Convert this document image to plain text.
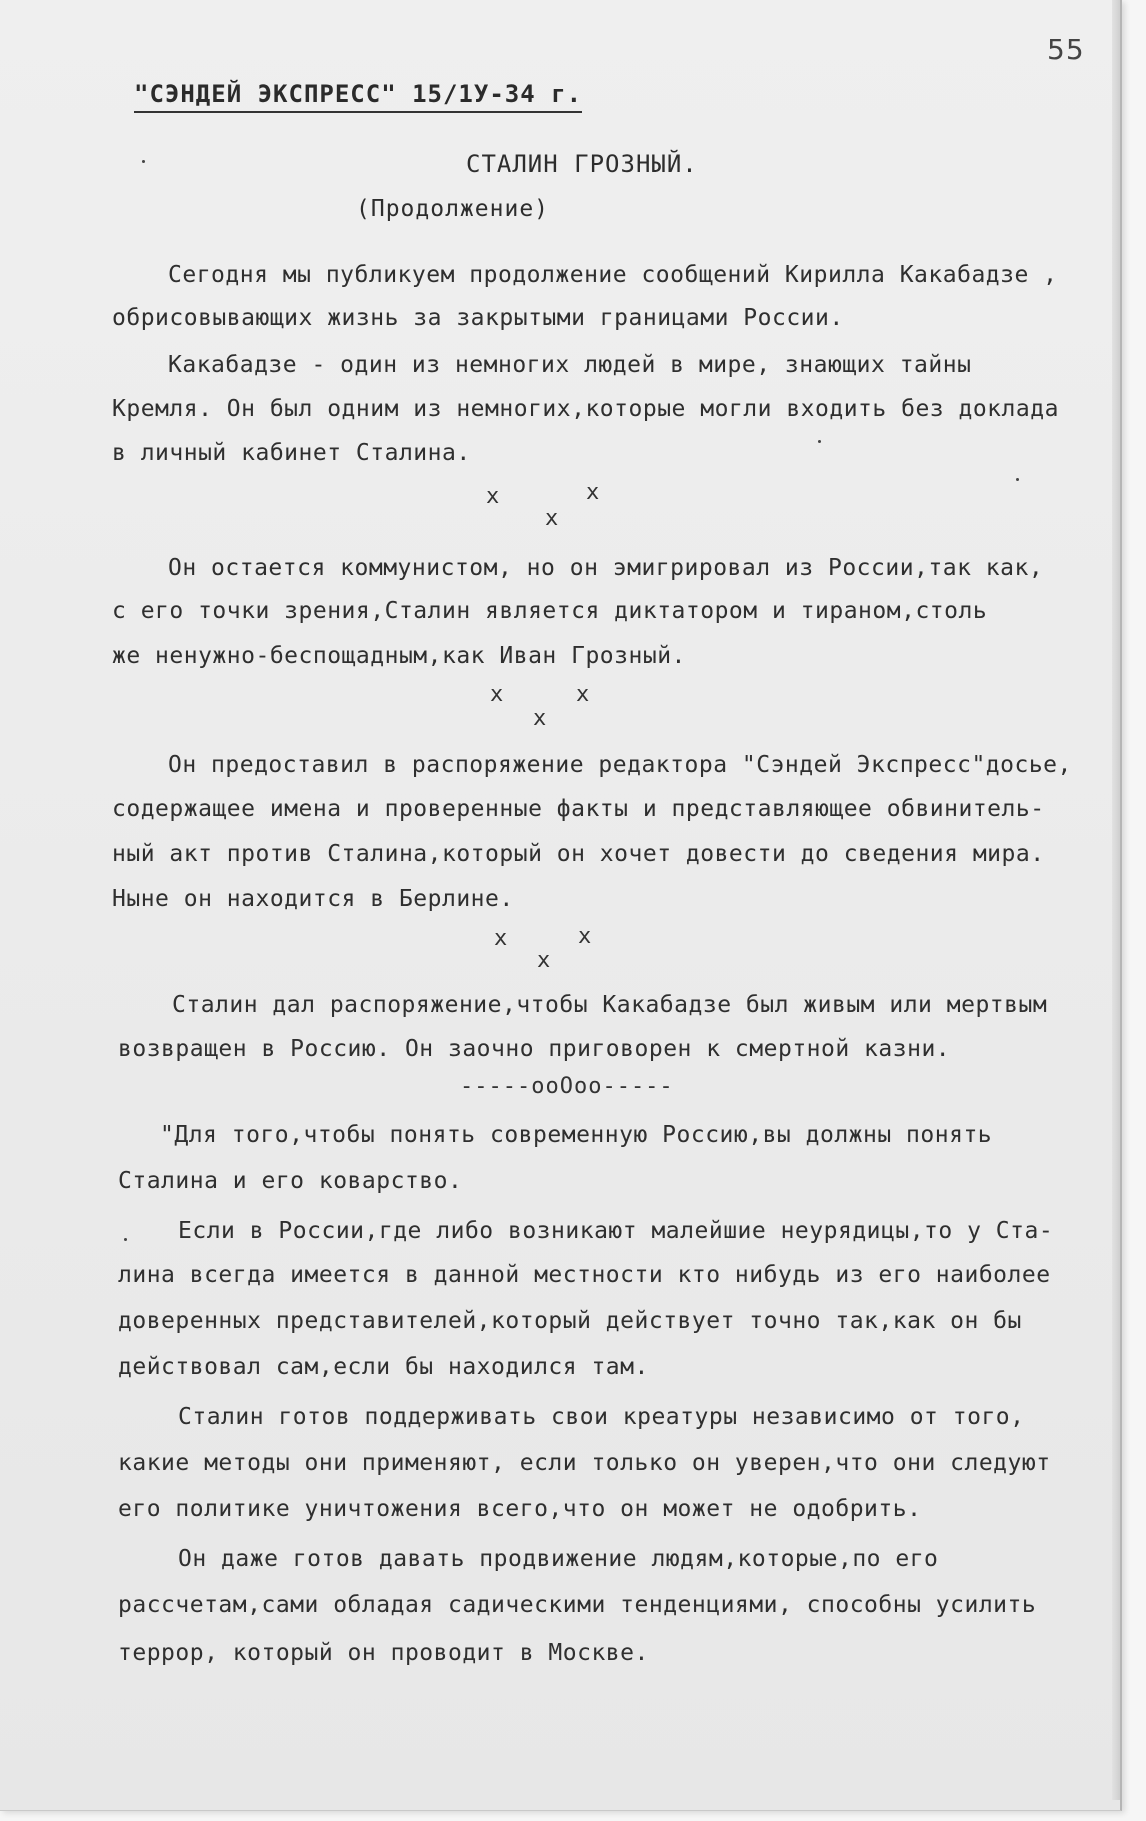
55
"СЭНДЕЙ ЭКСПРЕСС" 15/1У-34 г.
СТАЛИН ГРОЗНЫЙ.
(Продолжение)
Сегодня мы публикуем продолжение сообщений Кирилла Какабадзе ,
обрисовывающих жизнь за закрытыми границами России.
Какабадзе - один из немногих людей в мире, знающих тайны
Кремля. Он был одним из немногих,которые могли входить без доклада
в личный кабинет Сталина.
x	x
x
Он остается коммунистом, но он эмигрировал из России,так как,
с его точки зрения,Сталин является диктатором и тираном,столь
же ненужно-беспощадным,как Иван Грозный.
x	x
x
Он предоставил в распоряжение редактора "Сэндей Экспресс"досье,
содержащее имена и проверенные факты и представляющее обвинитель-
ный акт против Сталина,который он хочет довести до сведения мира.
Ныне он находится в Берлине.
x	x
x
Сталин дал распоряжение,чтобы Какабадзе был живым или мертвым
возвращен в Россию. Он заочно приговорен к смертной казни.
-----ооОоо-----
"Для того,чтобы понять современную Россию,вы должны понять
Сталина и его коварство.
Если в России,где либо возникают малейшие неурядицы,то у Ста-
лина всегда имеется в данной местности кто нибудь из его наиболее
доверенных представителей,который действует точно так,как он бы
действовал сам,если бы находился там.
Сталин готов поддерживать свои креатуры независимо от того,
какие методы они применяют, если только он уверен,что они следуют
его политике уничтожения всего,что он может не одобрить.
Он даже готов давать продвижение людям,которые,по его
рассчетам,сами обладая садическими тенденциями, способны усилить
террор, который он проводит в Москве.
